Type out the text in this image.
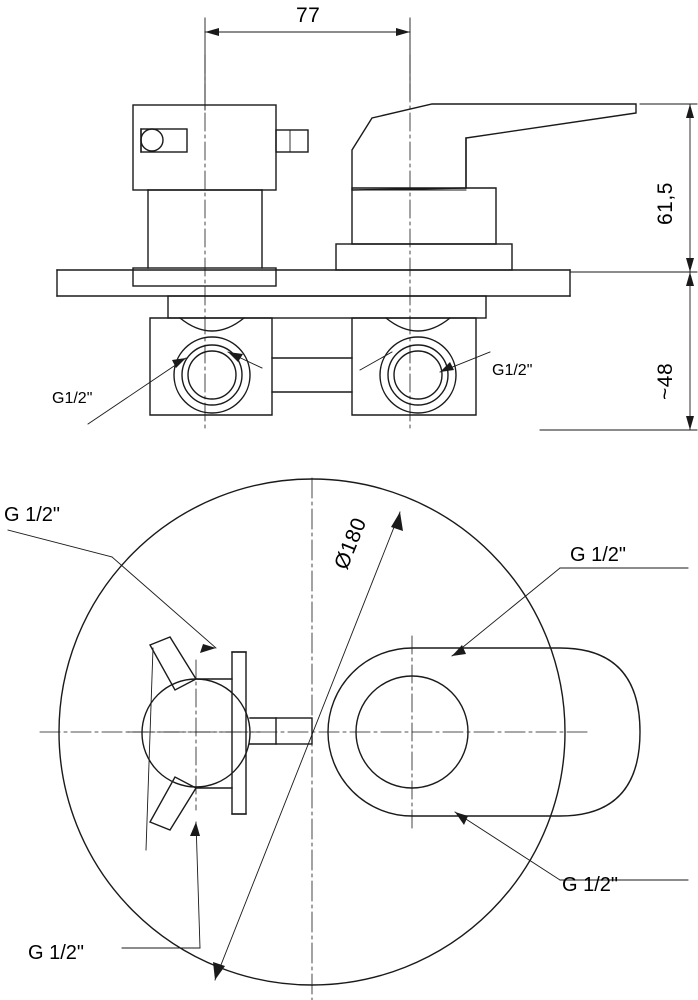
77
61,5
~48
G1/2"
G1/2"
Ø180
G 1/2"
G 1/2"
G 1/2"
G 1/2"
